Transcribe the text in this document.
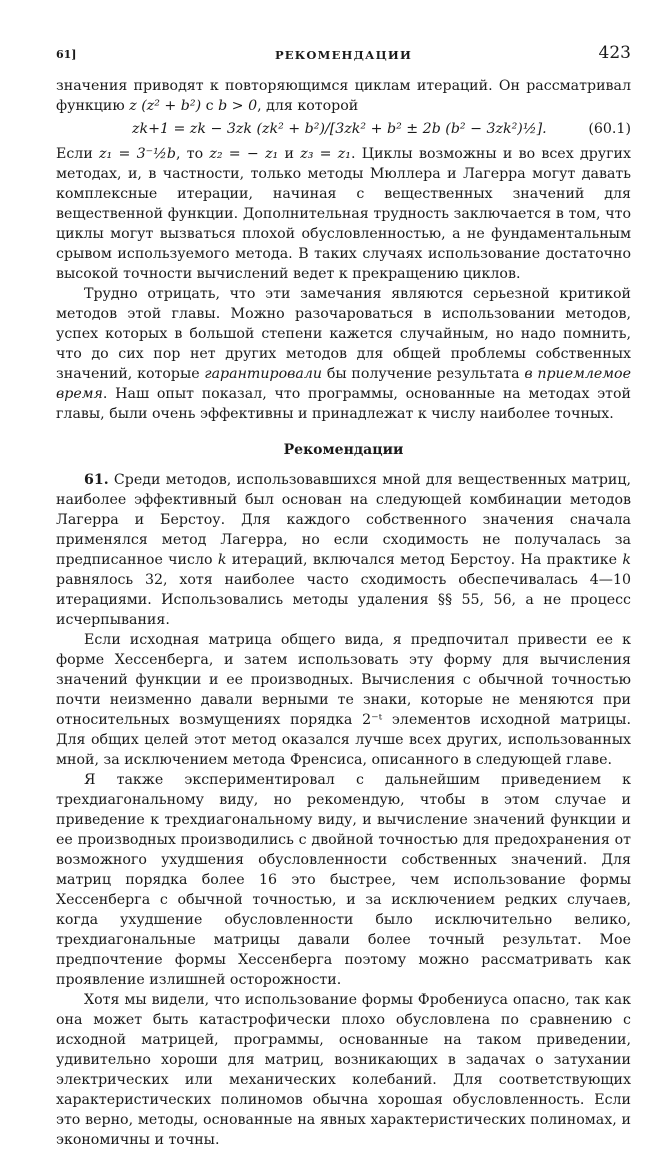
61]	РЕКОМЕНДАЦИИ	423

значения приводят к повторяющимся циклам итераций. Он рассматривал функцию z (z² + b²) с b > 0, для которой

zk+1 = zk − 3zk (zk² + b²)/[3zk² + b² ± 2b (b² − 3zk²)½].	(60.1)

Если z₁ = 3⁻½b, то z₂ = − z₁ и z₃ = z₁. Циклы возможны и во всех других методах, и, в частности, только методы Мюллера и Лагерра могут давать комплексные итерации, начиная с вещественных значений для вещественной функции. Дополнительная трудность заключается в том, что циклы могут вызваться плохой обусловленностью, а не фундаментальным срывом используемого метода. В таких случаях использование достаточно высокой точности вычислений ведет к прекращению циклов.

Трудно отрицать, что эти замечания являются серьезной критикой методов этой главы. Можно разочароваться в использовании методов, успех которых в большой степени кажется случайным, но надо помнить, что до сих пор нет других методов для общей проблемы собственных значений, которые гарантировали бы получение результата в приемлемое время. Наш опыт показал, что программы, основанные на методах этой главы, были очень эффективны и принадлежат к числу наиболее точных.

Рекомендации

61. Среди методов, использовавшихся мной для вещественных матриц, наиболее эффективный был основан на следующей комбинации методов Лагерра и Берстоу. Для каждого собственного значения сначала применялся метод Лагерра, но если сходимость не получалась за предписанное число k итераций, включался метод Берстоу. На практике k равнялось 32, хотя наиболее часто сходимость обеспечивалась 4—10 итерациями. Использовались методы удаления §§ 55, 56, а не процесс исчерпывания.

Если исходная матрица общего вида, я предпочитал привести ее к форме Хессенберга, и затем использовать эту форму для вычисления значений функции и ее производных. Вычисления с обычной точностью почти неизменно давали верными те знаки, которые не меняются при относительных возмущениях порядка 2⁻ᵗ элементов исходной матрицы. Для общих целей этот метод оказался лучше всех других, использованных мной, за исключением метода Френсиса, описанного в следующей главе.

Я также экспериментировал с дальнейшим приведением к трехдиагональному виду, но рекомендую, чтобы в этом случае и приведение к трехдиагональному виду, и вычисление значений функции и ее производных производились с двойной точностью для предохранения от возможного ухудшения обусловленности собственных значений. Для матриц порядка более 16 это быстрее, чем использование формы Хессенберга с обычной точностью, и за исключением редких случаев, когда ухудшение обусловленности было исключительно велико, трехдиагональные матрицы давали более точный результат. Мое предпочтение формы Хессенберга поэтому можно рассматривать как проявление излишней осторожности.

Хотя мы видели, что использование формы Фробениуса опасно, так как она может быть катастрофически плохо обусловлена по сравнению с исходной матрицей, программы, основанные на таком приведении, удивительно хороши для матриц, возникающих в задачах о затухании электрических или механических колебаний. Для соответствующих характеристических полиномов обычна хорошая обусловленность. Если это верно, методы, основанные на явных характеристических полиномах, и экономичны и точны.
